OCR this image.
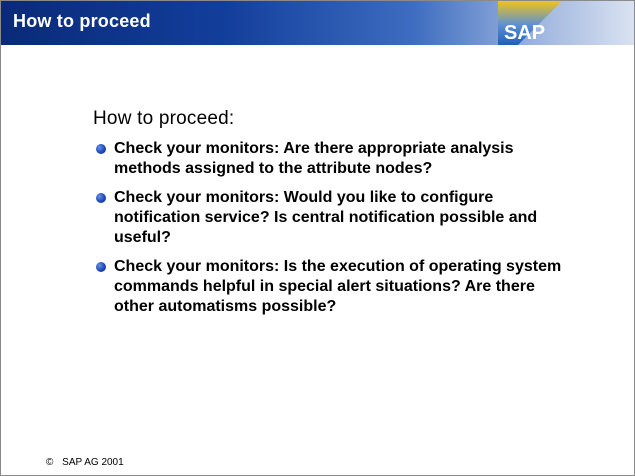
How to proceed
SAP
How to proceed:
Check your monitors: Are there appropriate analysis methods assigned to the attribute nodes?
Check your monitors: Would you like to configure notification service? Is central notification possible and useful?
Check your monitors: Is the execution of operating system commands helpful in special alert situations? Are there other automatisms possible?
© SAP AG 2001
